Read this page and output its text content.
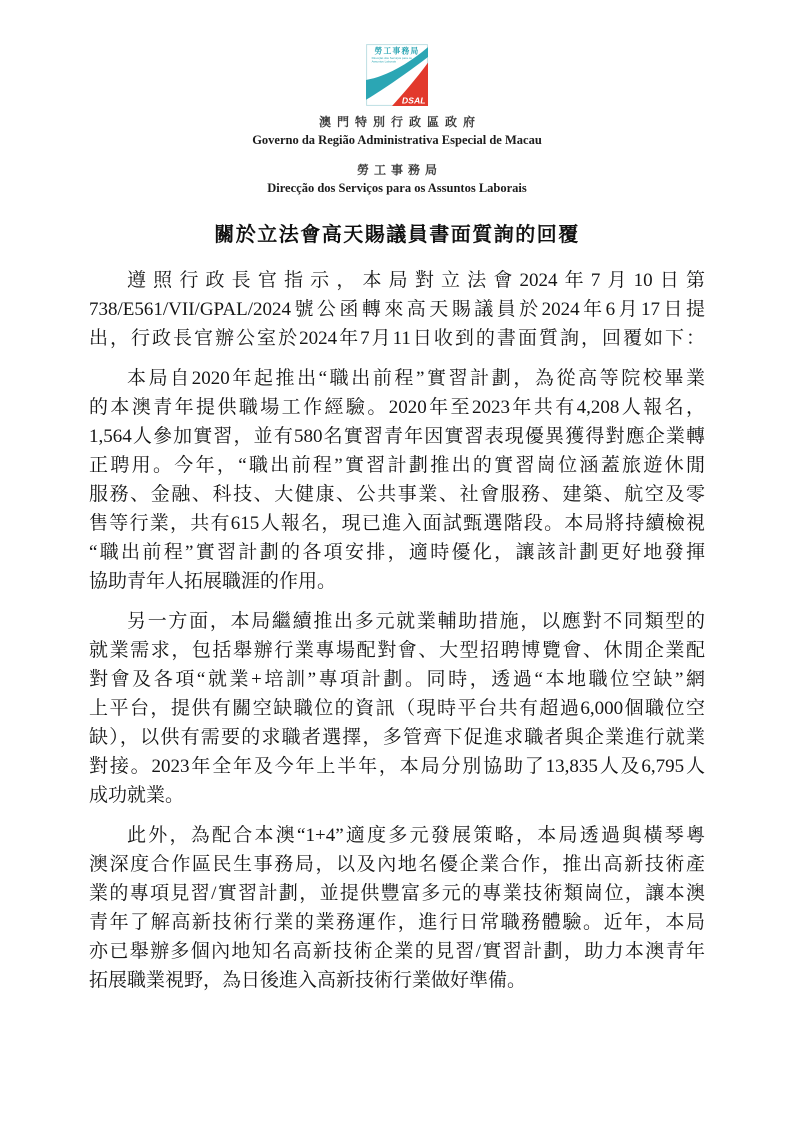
勞工事務局
Direcção dos Serviços para os
Assuntos Laborais
DSAL
澳門特別行政區政府
Governo da Região Administrativa Especial de Macau
勞工事務局
Direcção dos Serviços para os Assuntos Laborais
關於立法會高天賜議員書面質詢的回覆
遵照行政長官指示，本局對立法會2024年7月10日第
738/E561/VII/GPAL/2024號公函轉來高天賜議員於2024年6月17日提
出，行政長官辦公室於2024年7月11日收到的書面質詢，回覆如下：
本局自2020年起推出“職出前程”實習計劃，為從高等院校畢業
的本澳青年提供職場工作經驗。2020年至2023年共有4,208人報名，
1,564人參加實習，並有580名實習青年因實習表現優異獲得對應企業轉
正聘用。今年，“職出前程”實習計劃推出的實習崗位涵蓋旅遊休閒
服務、金融、科技、大健康、公共事業、社會服務、建築、航空及零
售等行業，共有615人報名，現已進入面試甄選階段。本局將持續檢視
“職出前程”實習計劃的各項安排，適時優化，讓該計劃更好地發揮
協助青年人拓展職涯的作用。
另一方面，本局繼續推出多元就業輔助措施，以應對不同類型的
就業需求，包括舉辦行業專場配對會、大型招聘博覽會、休閒企業配
對會及各項“就業+培訓”專項計劃。同時，透過“本地職位空缺”網
上平台，提供有關空缺職位的資訊（現時平台共有超過6,000個職位空
缺），以供有需要的求職者選擇，多管齊下促進求職者與企業進行就業
對接。2023年全年及今年上半年，本局分別協助了13,835人及6,795人
成功就業。
此外，為配合本澳“1+4”適度多元發展策略，本局透過與橫琴粵
澳深度合作區民生事務局，以及內地名優企業合作，推出高新技術產
業的專項見習/實習計劃，並提供豐富多元的專業技術類崗位，讓本澳
青年了解高新技術行業的業務運作，進行日常職務體驗。近年，本局
亦已舉辦多個內地知名高新技術企業的見習/實習計劃，助力本澳青年
拓展職業視野，為日後進入高新技術行業做好準備。
